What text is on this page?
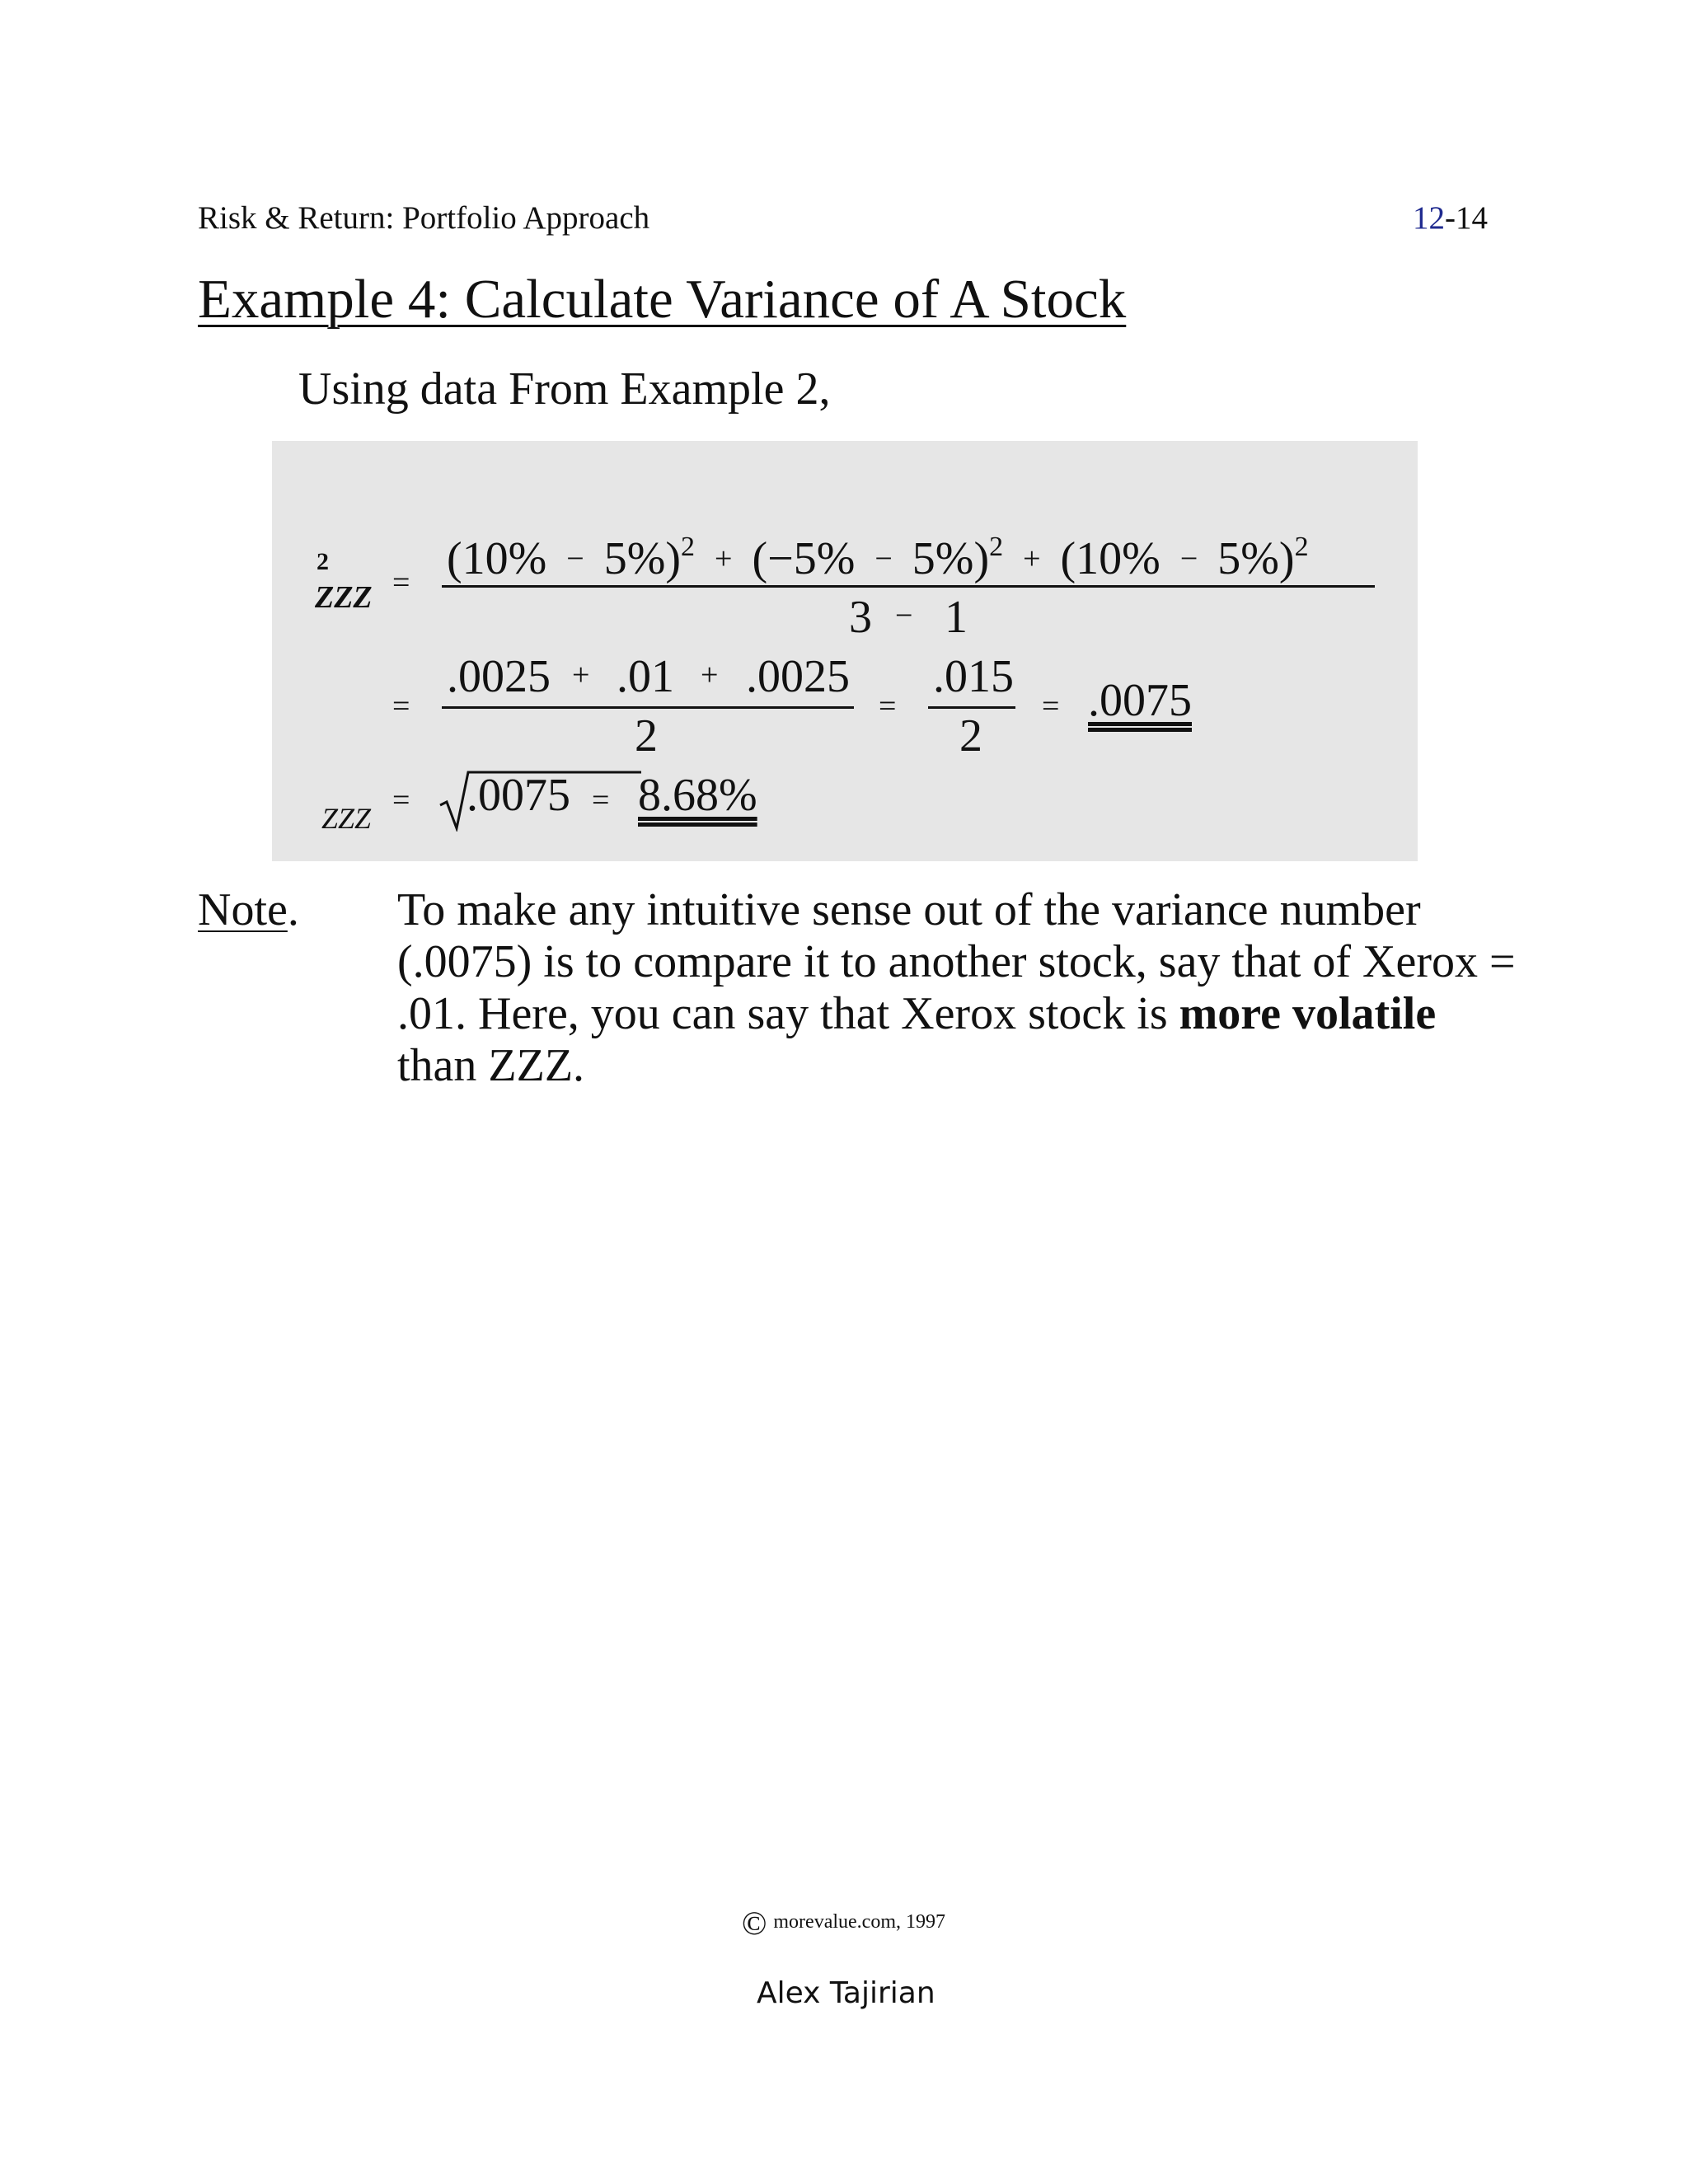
Risk & Return: Portfolio Approach	12-14
Example 4: Calculate Variance of A Stock
Using data From Example 2,
2
ZZZ
ZZZ
= $(10\% - 5\%)^2 + (-5\% - 5\%)^2 + (10\% - 5\%)^2$
3 − 1
=
.0025 + .01 + .0025
2
=
.015
2
= .0075
= .0075 = 8.68%
Note. To make any intuitive sense out of the variance number
(.0075) is to compare it to another stock, say that of Xerox =
.01. Here, you can say that Xerox stock is more volatile
than ZZZ.
© morevalue.com, 1997
Alex Tajirian
